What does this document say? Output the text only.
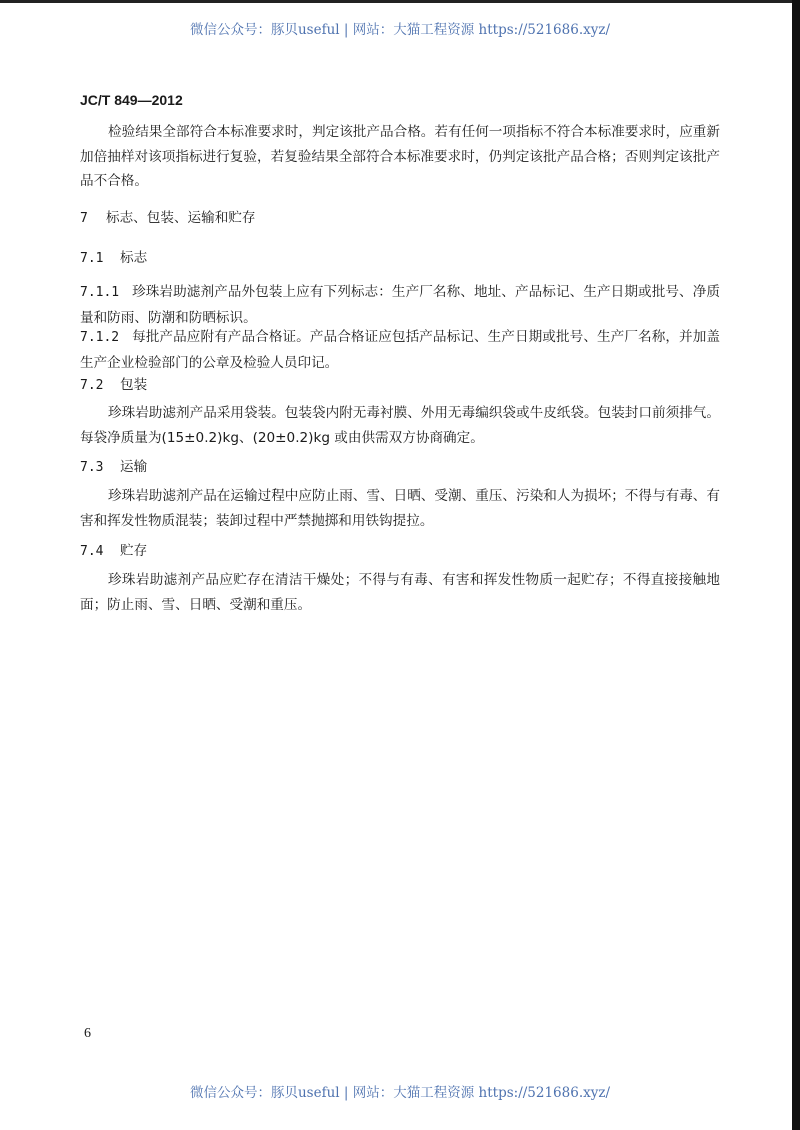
微信公众号：豚贝useful | 网站：大猫工程资源 https://521686.xyz/
JC/T 849—2012
检验结果全部符合本标准要求时，判定该批产品合格。若有任何一项指标不符合本标准要求时，应重新加倍抽样对该项指标进行复验，若复验结果全部符合本标准要求时，仍判定该批产品合格；否则判定该批产品不合格。
7 标志、包装、运输和贮存
7.1 标志
7.1.1 珍珠岩助滤剂产品外包装上应有下列标志：生产厂名称、地址、产品标记、生产日期或批号、净质量和防雨、防潮和防晒标识。
7.1.2 每批产品应附有产品合格证。产品合格证应包括产品标记、生产日期或批号、生产厂名称，并加盖生产企业检验部门的公章及检验人员印记。
7.2 包装
珍珠岩助滤剂产品采用袋装。包装袋内附无毒衬膜、外用无毒编织袋或牛皮纸袋。包装封口前须排气。每袋净质量为(15±0.2)kg、(20±0.2)kg 或由供需双方协商确定。
7.3 运输
珍珠岩助滤剂产品在运输过程中应防止雨、雪、日晒、受潮、重压、污染和人为损坏；不得与有毒、有害和挥发性物质混装；装卸过程中严禁抛掷和用铁钩提拉。
7.4 贮存
珍珠岩助滤剂产品应贮存在清洁干燥处；不得与有毒、有害和挥发性物质一起贮存；不得直接接触地面；防止雨、雪、日晒、受潮和重压。
6
微信公众号：豚贝useful | 网站：大猫工程资源 https://521686.xyz/
